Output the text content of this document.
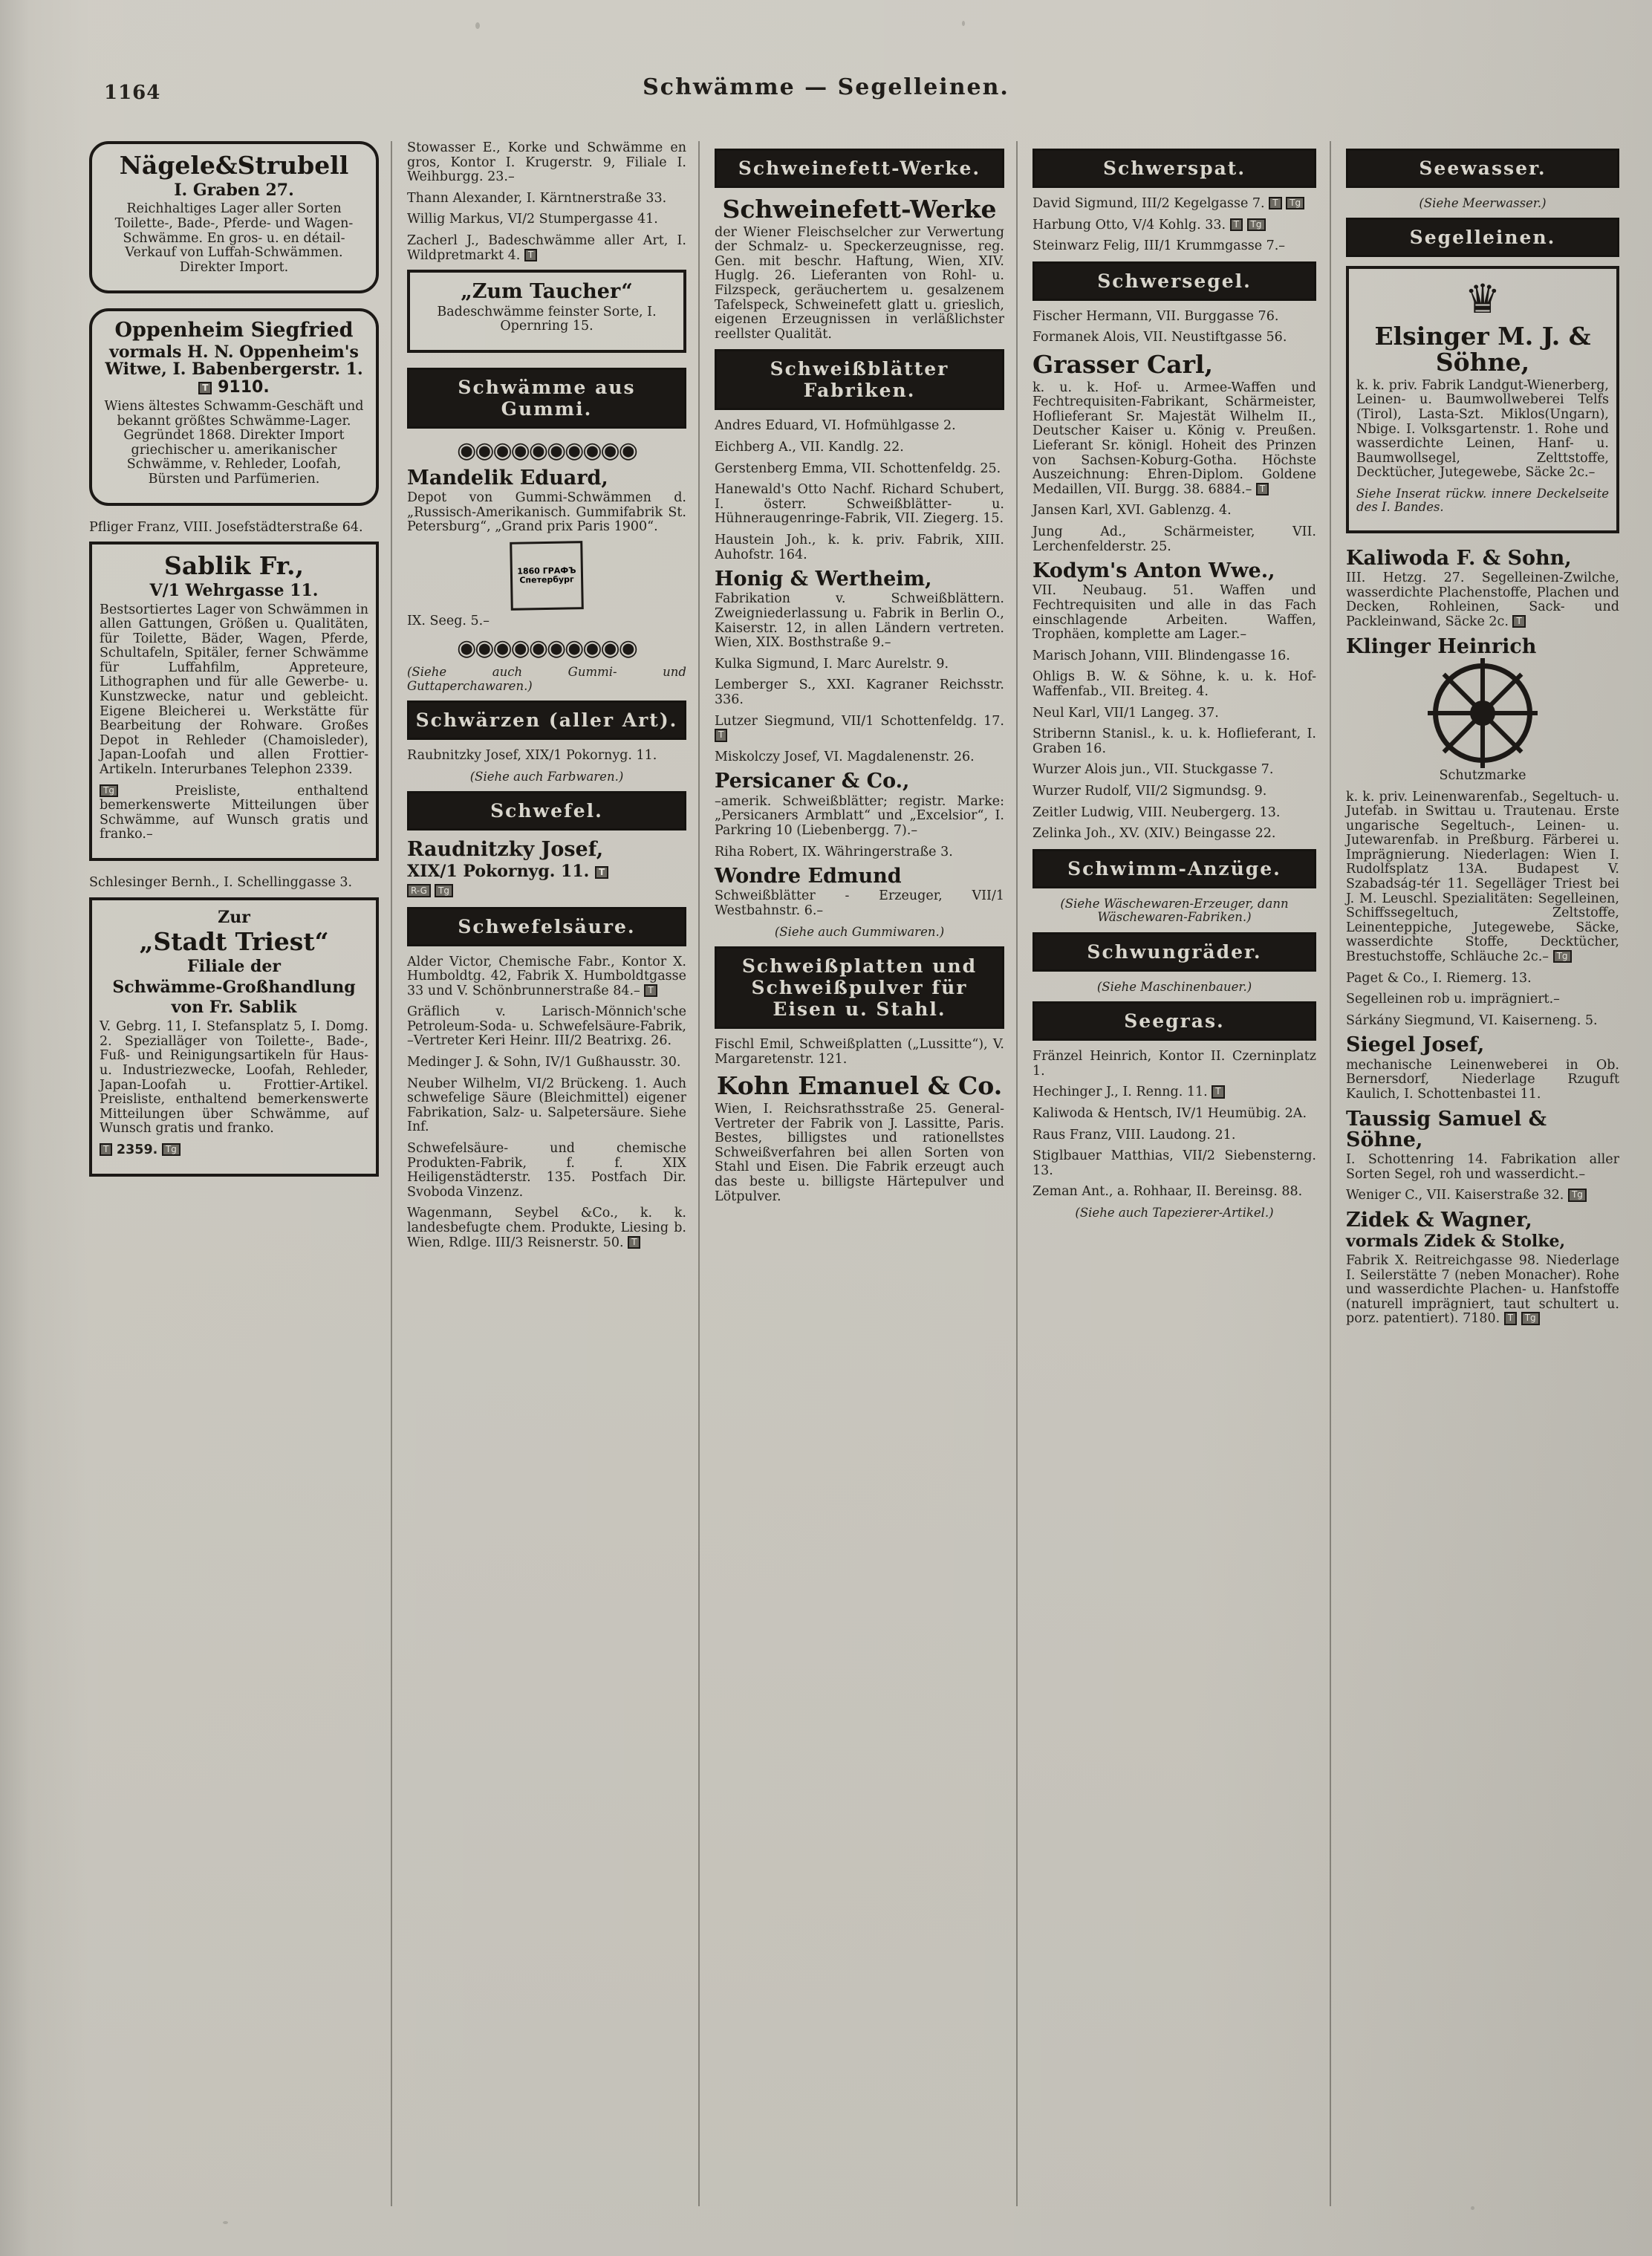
1164	Schwämme — Segelleinen.
Nägele&Strubell
I. Graben 27.
Reichhaltiges Lager aller Sorten Toilette-, Bade-, Pferde- und Wagen-Schwämme. En gros- u. en détail-Verkauf von Luffah-Schwämmen. Direkter Import.
Oppenheim Siegfried
vormals H. N. Oppenheim's Witwe, I. Babenbergerstr. 1. T 9110.
Wiens ältestes Schwamm-Geschäft und bekannt größtes Schwämme-Lager. Gegründet 1868. Direkter Import griechischer u. amerikanischer Schwämme, v. Rehleder, Loofah, Bürsten und Parfümerien.
Pfliger Franz, VIII. Josefstädterstraße 64.
Sablik Fr.,
V/1 Wehrgasse 11.
Bestsortiertes Lager von Schwämmen in allen Gattungen, Größen u. Qualitäten, für Toilette, Bäder, Wagen, Pferde, Schultafeln, Spitäler, ferner Schwämme für Luffahfilm, Appreteure, Lithographen und für alle Gewerbe- u. Kunstzwecke, natur und gebleicht. Eigene Bleicherei u. Werkstätte für Bearbeitung der Rohware. Großes Depot in Rehleder (Chamoisleder), Japan-Loofah und allen Frottier-Artikeln. Interurbanes Telephon 2339.
Tg	Preisliste, enthaltend bemerkenswerte Mitteilungen über Schwämme, auf Wunsch gratis und franko.–
Schlesinger Bernh., I. Schellinggasse 3.
Zur
„Stadt Triest“
Filiale der
Schwämme-Großhandlung
von Fr. Sablik
V. Gebrg. 11, I. Stefansplatz 5, I. Domg. 2. Spezialläger von Toilette-, Bade-, Fuß- und Reinigungsartikeln für Haus- u. Industriezwecke, Loofah, Rehleder, Japan-Loofah u. Frottier-Artikel. Preisliste, enthaltend bemerkenswerte Mitteilungen über Schwämme, auf Wunsch gratis und franko.
T 2359. Tg
Stowasser E., Korke und Schwämme en gros, Kontor I. Krugerstr. 9, Filiale I. Weihburgg. 23.–
Thann Alexander, I. Kärntnerstraße 33.
Willig Markus, VI/2 Stumpergasse 41.
Zacherl J., Badeschwämme aller Art, I. Wildpretmarkt 4. T
„Zum Taucher“
Badeschwämme feinster Sorte, I. Opernring 15.
Schwämme aus Gummi.
◉◉◉◉◉◉◉◉◉◉
Mandelik Eduard,
Depot von Gummi-Schwämmen d. „Russisch-Amerikanisch. Gummifabrik St. Petersburg“, „Grand prix Paris 1900“.
1860 ГРАФЪ Спетербург
IX. Seeg. 5.–
◉◉◉◉◉◉◉◉◉◉
(Siehe auch Gummi- und Guttaperchawaren.)
Schwärzen (aller Art).
Raubnitzky Josef, XIX/1 Pokornyg. 11.
(Siehe auch Farbwaren.)
Schwefel.
Raudnitzky Josef,
XIX/1 Pokornyg. 11. T
R-G Tg
Schwefelsäure.
Alder Victor, Chemische Fabr., Kontor X. Humboldtg. 42, Fabrik X. Humboldtgasse 33 und V. Schönbrunnerstraße 84.– T
Gräflich v. Larisch-Mönnich'sche Petroleum-Soda- u. Schwefelsäure-Fabrik, –Vertreter Keri Heinr. III/2 Beatrixg. 26.
Medinger J. & Sohn, IV/1 Gußhausstr. 30.
Neuber Wilhelm, VI/2 Brückeng. 1. Auch schwefelige Säure (Bleichmittel) eigener Fabrikation, Salz- u. Salpetersäure. Siehe Inf.
Schwefelsäure- und chemische Produkten-Fabrik, f. f. XIX Heiligenstädterstr. 135. Postfach Dir. Svoboda Vinzenz.
Wagenmann, Seybel &Co., k. k. landesbefugte chem. Produkte, Liesing b. Wien, Rdlge. III/3 Reisnerstr. 50. T
Schweinefett-Werke.
Schweinefett-Werke
der Wiener Fleischselcher zur Verwertung der Schmalz- u. Speckerzeugnisse, reg. Gen. mit beschr. Haftung, Wien, XIV. Huglg. 26. Lieferanten von Rohl- u. Filzspeck, geräuchertem u. gesalzenem Tafelspeck, Schweinefett glatt u. grieslich, eigenen Erzeugnissen in verläßlichster reellster Qualität.
Schweißblätter Fabriken.
Andres Eduard, VI. Hofmühlgasse 2.
Eichberg A., VII. Kandlg. 22.
Gerstenberg Emma, VII. Schottenfeldg. 25.
Hanewald's Otto Nachf. Richard Schubert, I. österr. Schweißblätter- u. Hühneraugenringe-Fabrik, VII. Ziegerg. 15.
Haustein Joh., k. k. priv. Fabrik, XIII. Auhofstr. 164.
Honig & Wertheim,
Fabrikation v. Schweißblättern. Zweigniederlassung u. Fabrik in Berlin O., Kaiserstr. 12, in allen Ländern vertreten. Wien, XIX. Bosthstraße 9.–
Kulka Sigmund, I. Marc Aurelstr. 9.
Lemberger S., XXI. Kagraner Reichsstr. 336.
Lutzer Siegmund, VII/1 Schottenfeldg. 17. T
Miskolczy Josef, VI. Magdalenenstr. 26.
Persicaner & Co.,
–amerik. Schweißblätter; registr. Marke: „Persicaners Armblatt“ und „Excelsior“, I. Parkring 10 (Liebenbergg. 7).–
Riha Robert, IX. Währingerstraße 3.
Wondre Edmund
Schweißblätter - Erzeuger, VII/1 Westbahnstr. 6.–
(Siehe auch Gummiwaren.)
Schweißplatten und Schweißpulver für Eisen u. Stahl.
Fischl Emil, Schweißplatten („Lussitte“), V. Margaretenstr. 121.
Kohn Emanuel & Co.
Wien, I. Reichsrathsstraße 25. General-Vertreter der Fabrik von J. Lassitte, Paris. Bestes, billigstes und rationellstes Schweißverfahren bei allen Sorten von Stahl und Eisen. Die Fabrik erzeugt auch das beste u. billigste Härtepulver und Lötpulver.
Schwerspat.
David Sigmund, III/2 Kegelgasse 7. T Tg
Harbung Otto, V/4 Kohlg. 33. T Tg
Steinwarz Felig, III/1 Krummgasse 7.–
Schwersegel.
Fischer Hermann, VII. Burggasse 76.
Formanek Alois, VII. Neustiftgasse 56.
Grasser Carl,
k. u. k. Hof- u. Armee-Waffen und Fechtrequisiten-Fabrikant, Schärmeister, Hoflieferant Sr. Majestät Wilhelm II., Deutscher Kaiser u. König v. Preußen. Lieferant Sr. königl. Hoheit des Prinzen von Sachsen-Koburg-Gotha. Höchste Auszeichnung: Ehren-Diplom. Goldene Medaillen, VII. Burgg. 38. 6884.– T
Jansen Karl, XVI. Gablenzg. 4.
Jung Ad., Schärmeister, VII. Lerchenfelderstr. 25.
Kodym's Anton Wwe.,
VII. Neubaug. 51. Waffen und Fechtrequisiten und alle in das Fach einschlagende Arbeiten. Waffen, Trophäen, komplette am Lager.–
Marisch Johann, VIII. Blindengasse 16.
Ohligs B. W. & Söhne, k. u. k. Hof-Waffenfab., VII. Breiteg. 4.
Neul Karl, VII/1 Langeg. 37.
Stribernn Stanisl., k. u. k. Hoflieferant, I. Graben 16.
Wurzer Alois jun., VII. Stuckgasse 7.
Wurzer Rudolf, VII/2 Sigmundsg. 9.
Zeitler Ludwig, VIII. Neubergerg. 13.
Zelinka Joh., XV. (XIV.) Beingasse 22.
Schwimm-Anzüge.
(Siehe Wäschewaren-Erzeuger, dann Wäschewaren-Fabriken.)
Schwungräder.
(Siehe Maschinenbauer.)
Seegras.
Fränzel Heinrich, Kontor II. Czerninplatz 1.
Hechinger J., I. Renng. 11. T
Kaliwoda & Hentsch, IV/1 Heumübig. 2A.
Raus Franz, VIII. Laudong. 21.
Stiglbauer Matthias, VII/2 Siebensterng. 13.
Zeman Ant., a. Rohhaar, II. Bereinsg. 88.
(Siehe auch Tapezierer-Artikel.)
Seewasser.
(Siehe Meerwasser.)
Segelleinen.
♛
Elsinger M. J. & Söhne,
k. k. priv. Fabrik Landgut-Wienerberg, Leinen- u. Baumwollweberei Telfs (Tirol), Lasta-Szt. Miklos(Ungarn), Nbige. I. Volksgartenstr. 1. Rohe und wasserdichte Leinen, Hanf- u. Baumwollsegel, Zelttstoffe, Decktücher, Jutegewebe, Säcke 2c.–
Siehe Inserat rückw. innere Deckelseite des I. Bandes.
Kaliwoda F. & Sohn,
III. Hetzg. 27. Segelleinen-Zwilche, wasserdichte Plachenstoffe, Plachen und Decken, Rohleinen, Sack- und Packleinwand, Säcke 2c. T
Klinger Heinrich
Schutzmarke
k. k. priv. Leinenwarenfab., Segeltuch- u. Jutefab. in Swittau u. Trautenau. Erste ungarische Segeltuch-, Leinen- u. Jutewarenfab. in Preßburg. Färberei u. Imprägnierung. Niederlagen: Wien I. Rudolfsplatz 13A. Budapest V. Szabadság-tér 11. Segelläger Triest bei J. M. Leuschl. Spezialitäten: Segelleinen, Schiffssegeltuch, Zeltstoffe, Leinenteppiche, Jutegewebe, Säcke, wasserdichte Stoffe, Decktücher, Brestuchstoffe, Schläuche 2c.– Tg
Paget & Co., I. Riemerg. 13.
Segelleinen rob u. imprägniert.–
Sárkány Siegmund, VI. Kaiserneng. 5.
Siegel Josef,
mechanische Leinenweberei in Ob. Bernersdorf, Niederlage Rzuguft Kaulich, I. Schottenbastei 11.
Taussig Samuel & Söhne,
I. Schottenring 14. Fabrikation aller Sorten Segel, roh und wasserdicht.–
Weniger C., VII. Kaiserstraße 32. Tg
Zidek & Wagner,
vormals Zidek & Stolke,
Fabrik X. Reitreichgasse 98. Niederlage I. Seilerstätte 7 (neben Monacher). Rohe und wasserdichte Plachen- u. Hanfstoffe (naturell imprägniert, taut schultert u. porz. patentiert). 7180. T Tg
